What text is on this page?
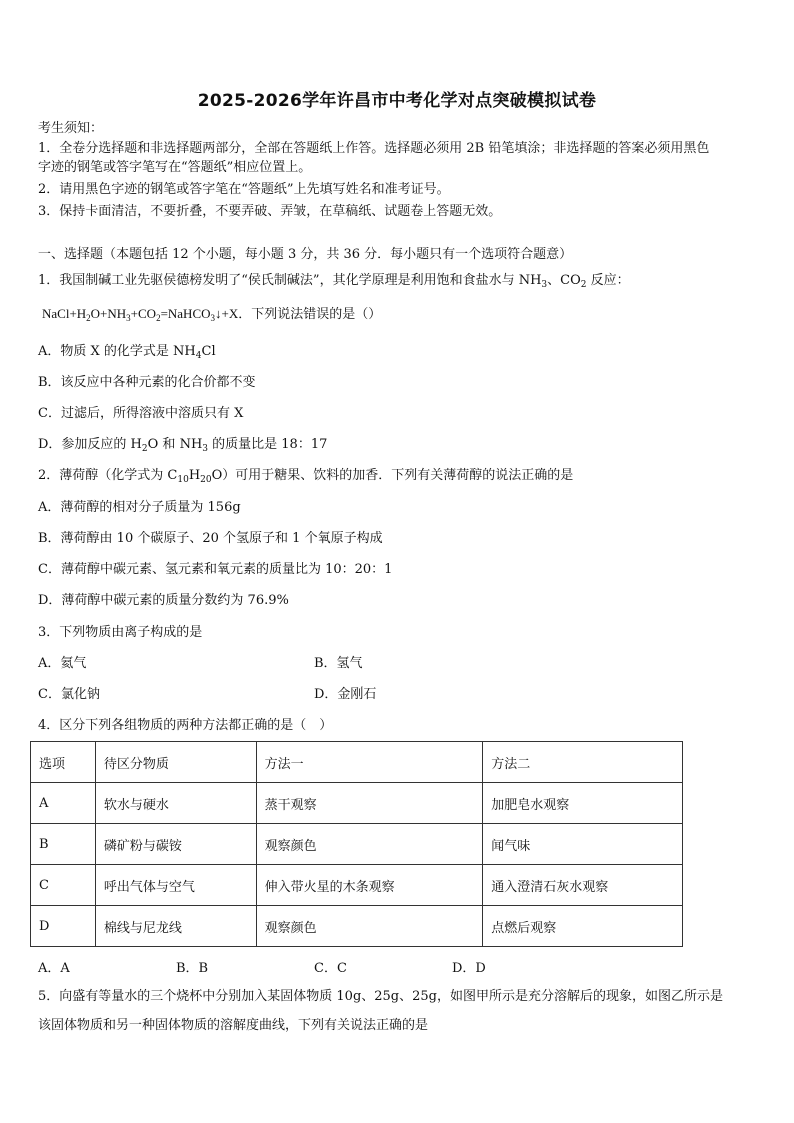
2025-2026学年许昌市中考化学对点突破模拟试卷
考生须知：
1．全卷分选择题和非选择题两部分，全部在答题纸上作答。选择题必须用 2B 铅笔填涂；非选择题的答案必须用黑色
字迹的钢笔或答字笔写在“答题纸”相应位置上。
2．请用黑色字迹的钢笔或答字笔在“答题纸”上先填写姓名和准考证号。
3．保持卡面清洁，不要折叠，不要弄破、弄皱，在草稿纸、试题卷上答题无效。
一、选择题（本题包括 12 个小题，每小题 3 分，共 36 分．每小题只有一个选项符合题意）
1．我国制碱工业先驱侯德榜发明了“侯氏制碱法”，其化学原理是利用饱和食盐水与 $NH_3$、$CO_2$ 反应：
$NaCl+H_2O+NH_3+CO_2=NaHCO_3↓+X$．下列说法错误的是（）
A．物质 X 的化学式是 $NH_4Cl$
B．该反应中各种元素的化合价都不变
C．过滤后，所得溶液中溶质只有 X
D．参加反应的 $H_2O$ 和 $NH_3$ 的质量比是 18：17
2．薄荷醇（化学式为 $C_{10}H_{20}O$）可用于糖果、饮料的加香．下列有关薄荷醇的说法正确的是
A．薄荷醇的相对分子质量为 156g
B．薄荷醇由 10 个碳原子、20 个氢原子和 1 个氧原子构成
C．薄荷醇中碳元素、氢元素和氧元素的质量比为 10：20：1
D．薄荷醇中碳元素的质量分数约为 76.9%
3．下列物质由离子构成的是
A．氦气	B．氢气
C．氯化钠	D．金刚石
4．区分下列各组物质的两种方法都正确的是（　）
选项	待区分物质	方法一	方法二
A	软水与硬水	蒸干观察	加肥皂水观察
B	磷矿粉与碳铵	观察颜色	闻气味
C	呼出气体与空气	伸入带火星的木条观察	通入澄清石灰水观察
D	棉线与尼龙线	观察颜色	点燃后观察
A．A	B．B	C．C	D．D
5．向盛有等量水的三个烧杯中分别加入某固体物质 10g、25g、25g，如图甲所示是充分溶解后的现象，如图乙所示是
该固体物质和另一种固体物质的溶解度曲线，下列有关说法正确的是
